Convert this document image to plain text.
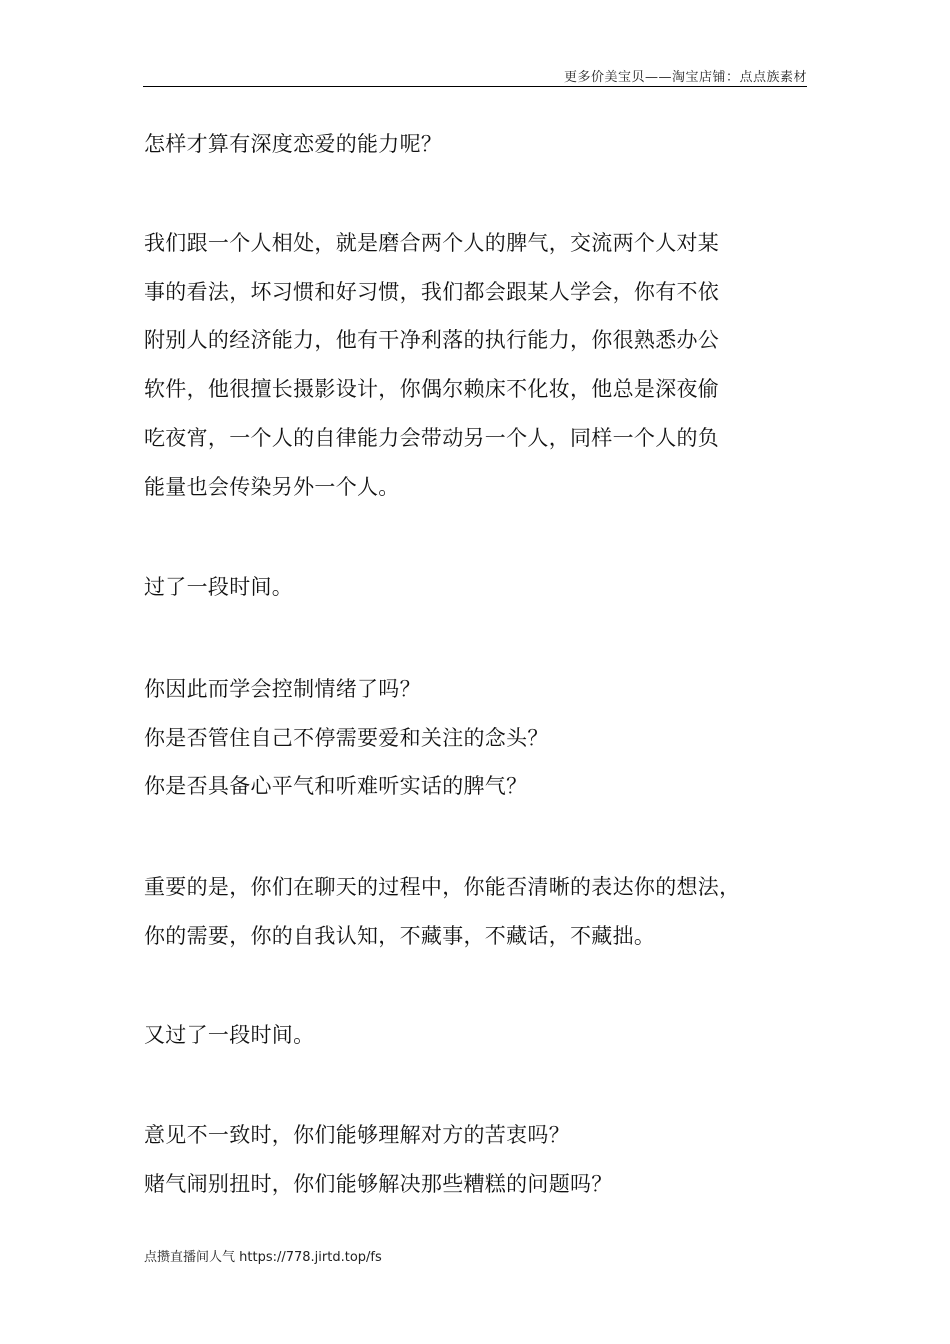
更多价美宝贝——淘宝店铺：点点族素材
怎样才算有深度恋爱的能力呢？
我们跟一个人相处，就是磨合两个人的脾气，交流两个人对某
事的看法，坏习惯和好习惯，我们都会跟某人学会，你有不依
附别人的经济能力，他有干净利落的执行能力，你很熟悉办公
软件，他很擅长摄影设计，你偶尔赖床不化妆，他总是深夜偷
吃夜宵，一个人的自律能力会带动另一个人，同样一个人的负
能量也会传染另外一个人。
过了一段时间。
你因此而学会控制情绪了吗？
你是否管住自己不停需要爱和关注的念头？
你是否具备心平气和听难听实话的脾气？
重要的是，你们在聊天的过程中，你能否清晰的表达你的想法，
你的需要，你的自我认知，不藏事，不藏话，不藏拙。
又过了一段时间。
意见不一致时，你们能够理解对方的苦衷吗？
赌气闹别扭时，你们能够解决那些糟糕的问题吗？
点攒直播间人气 https://778.jirtd.top/fs
